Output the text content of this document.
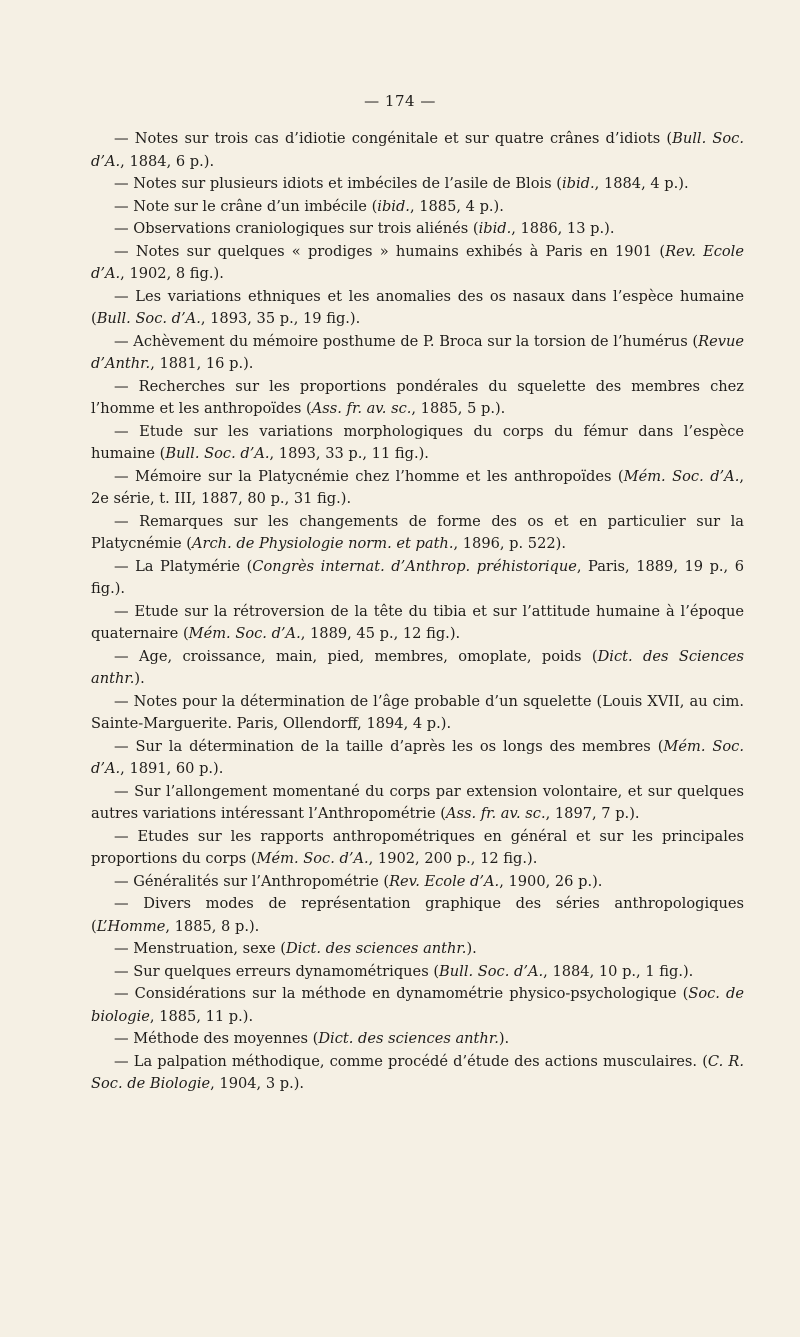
— 174 —

— Notes sur trois cas d’idiotie congénitale et sur quatre crânes d’idiots (Bull. Soc. d’A., 1884, 6 p.).

— Notes sur plusieurs idiots et imbéciles de l’asile de Blois (ibid., 1884, 4 p.).

— Note sur le crâne d’un imbécile (ibid., 1885, 4 p.).

— Observations craniologiques sur trois aliénés (ibid., 1886, 13 p.).

— Notes sur quelques « prodiges » humains exhibés à Paris en 1901 (Rev. Ecole d’A., 1902, 8 fig.).

— Les variations ethniques et les anomalies des os nasaux dans l’espèce humaine (Bull. Soc. d’A., 1893, 35 p., 19 fig.).

— Achèvement du mémoire posthume de P. Broca sur la torsion de l’humérus (Revue d’Anthr., 1881, 16 p.).

— Recherches sur les proportions pondérales du squelette des membres chez l’homme et les anthropoïdes (Ass. fr. av. sc., 1885, 5 p.).

— Etude sur les variations morphologiques du corps du fémur dans l’espèce humaine (Bull. Soc. d’A., 1893, 33 p., 11 fig.).

— Mémoire sur la Platycnémie chez l’homme et les anthropoïdes (Mém. Soc. d’A., 2e série, t. III, 1887, 80 p., 31 fig.).

— Remarques sur les changements de forme des os et en particulier sur la Platycnémie (Arch. de Physiologie norm. et path., 1896, p. 522).

— La Platymérie (Congrès internat. d’Anthrop. préhistorique, Paris, 1889, 19 p., 6 fig.).

— Etude sur la rétroversion de la tête du tibia et sur l’attitude humaine à l’époque quaternaire (Mém. Soc. d’A., 1889, 45 p., 12 fig.).

— Age, croissance, main, pied, membres, omoplate, poids (Dict. des Sciences anthr.).

— Notes pour la détermination de l’âge probable d’un squelette (Louis XVII, au cim. Sainte-Marguerite. Paris, Ollendorff, 1894, 4 p.).

— Sur la détermination de la taille d’après les os longs des membres (Mém. Soc. d’A., 1891, 60 p.).

— Sur l’allongement momentané du corps par extension volontaire, et sur quelques autres variations intéressant l’Anthropométrie (Ass. fr. av. sc., 1897, 7 p.).

— Etudes sur les rapports anthropométriques en général et sur les principales proportions du corps (Mém. Soc. d’A., 1902, 200 p., 12 fig.).

— Généralités sur l’Anthropométrie (Rev. Ecole d’A., 1900, 26 p.).

— Divers modes de représentation graphique des séries anthropologiques (L’Homme, 1885, 8 p.).

— Menstruation, sexe (Dict. des sciences anthr.).

— Sur quelques erreurs dynamométriques (Bull. Soc. d’A., 1884, 10 p., 1 fig.).

— Considérations sur la méthode en dynamométrie physico-psychologique (Soc. de biologie, 1885, 11 p.).

— Méthode des moyennes (Dict. des sciences anthr.).

— La palpation méthodique, comme procédé d’étude des actions musculaires. (C. R. Soc. de Biologie, 1904, 3 p.).
